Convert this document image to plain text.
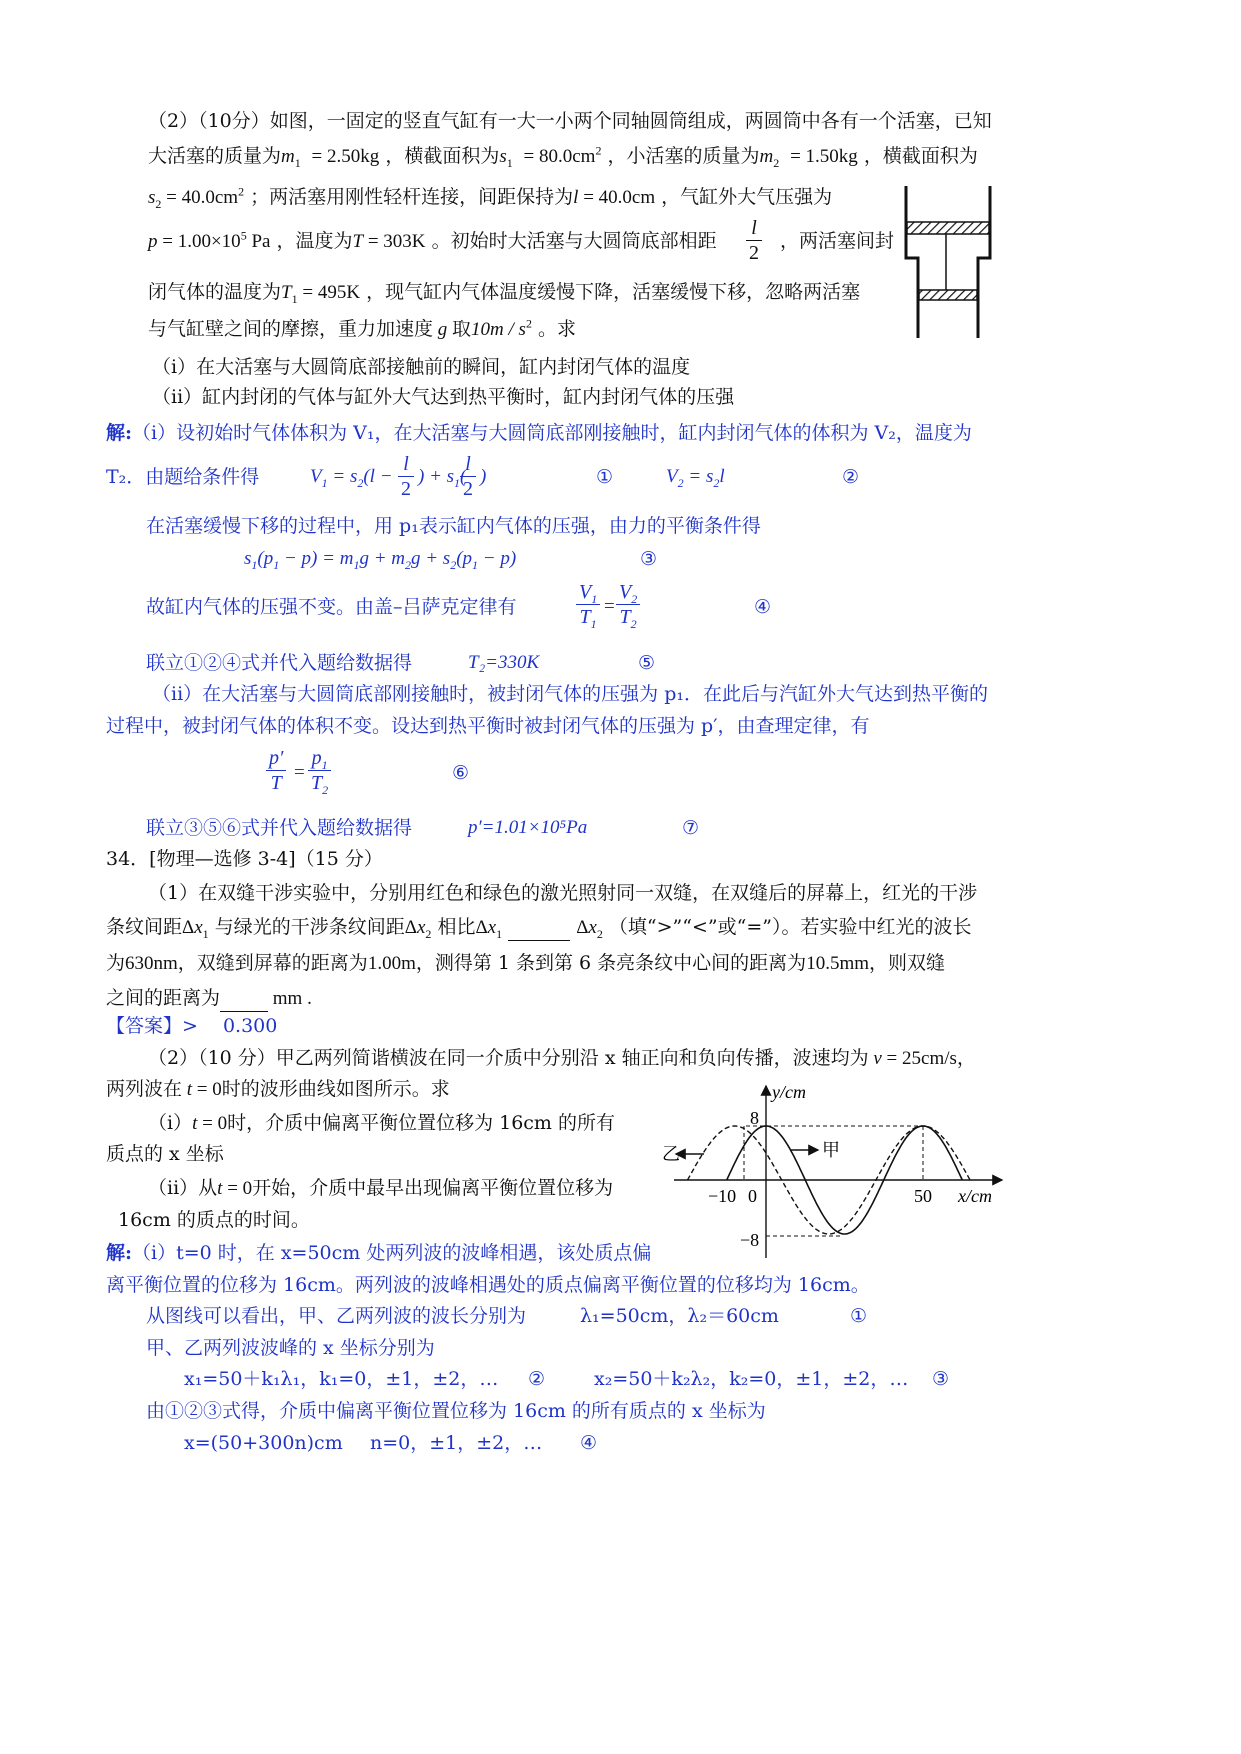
（2）（10分）如图，一固定的竖直气缸有一大一小两个同轴圆筒组成，两圆筒中各有一个活塞，已知
大活塞的质量为$m_1 = 2.50kg$ ，横截面积为$s_1 = 80.0cm^2$ ，小活塞的质量为$m_2 = 1.50kg$ ，横截面积为
$s_2 = 40.0cm^2$ ；两活塞用刚性轻杆连接，间距保持为l = 40.0cm ，气缸外大气压强为
$p = 1.00\times 10^5$ Pa ，温度为T = 303K 。初始时大活塞与大圆筒底部相距 $\frac{l}{2}$ ，两活塞间封
闭气体的温度为$T_1 = 495K$ ，现气缸内气体温度缓慢下降，活塞缓慢下移，忽略两活塞
与气缸壁之间的摩擦，重力加速度 g 取$10m / s^2$ 。求
（i）在大活塞与大圆筒底部接触前的瞬间，缸内封闭气体的温度
（ii）缸内封闭的气体与缸外大气达到热平衡时，缸内封闭气体的压强
解:（i）设初始时气体体积为 V₁，在大活塞与大圆筒底部刚接触时，缸内封闭气体的体积为 V₂，温度为
T₂．由题给条件得	$V_1 = s_2(l - \frac{l}{2}$ ) + $s_1$(
$\frac{l}{2}$ )	①	$V_2 = s_2l$	②
在活塞缓慢下移的过程中，用 p₁表示缸内气体的压强，由力的平衡条件得
$s_1(p_1 - p) = m_1g + m_2g + s_2(p_1 - p)$	③
故缸内气体的压强不变。由盖–吕萨克定律有	$\frac{V_1}{T_1} = \frac{V_2}{T_2}$	④
联立①②④式并代入题给数据得	T₂=330K	⑤
（ii）在大活塞与大圆筒底部刚接触时，被封闭气体的压强为 p₁．在此后与汽缸外大气达到热平衡的
过程中，被封闭气体的体积不变。设达到热平衡时被封闭气体的压强为 p′，由查理定律，有
$\frac{p'}{T} = \frac{p_1}{T_2}$	⑥
联立③⑤⑥式并代入题给数据得	p′=1.01×10⁵Pa	⑦
34．[物理—选修 3-4]（15 分）
（1）在双缝干涉实验中，分别用红色和绿色的激光照射同一双缝，在双缝后的屏幕上，红光的干涉
条纹间距$\Delta x_1$ 与绿光的干涉条纹间距$\Delta x_2$ 相比$\Delta x_1$	$\Delta x_2$ （填“>”“<”或“=”）。若实验中红光的波长
为630nm，双缝到屏幕的距离为1.00m，测得第 1 条到第 6 条亮条纹中心间的距离为10.5mm，则双缝
之间的距离为	mm .
【答案】>　 0.300
（2）（10 分）甲乙两列简谐横波在同一介质中分别沿 x 轴正向和负向传播，波速均为 v = 25cm/s，
两列波在 t = 0时的波形曲线如图所示。求
（i）t = 0时，介质中偏离平衡位置位移为 16cm 的所有
质点的 x 坐标
（ii）从t = 0开始，介质中最早出现偏离平衡位置位移为
16cm 的质点的时间。
甲
乙
y/cm
x/cm
8
−8
0
−10	50
解:（i）t=0 时，在 x=50cm 处两列波的波峰相遇，该处质点偏
离平衡位置的位移为 16cm。两列波的波峰相遇处的质点偏离平衡位置的位移均为 16cm。
从图线可以看出，甲、乙两列波的波长分别为	λ₁=50cm，λ₂＝60cm	①
甲、乙两列波波峰的 x 坐标分别为
x₁=50＋k₁λ₁，k₁=0，±1，±2，… ②	x₂=50＋k₂λ₂，k₂=0，±1，±2，… ③
由①②③式得，介质中偏离平衡位置位移为 16cm 的所有质点的 x 坐标为
x=(50+300n)cm n=0，±1，±2，… ④
